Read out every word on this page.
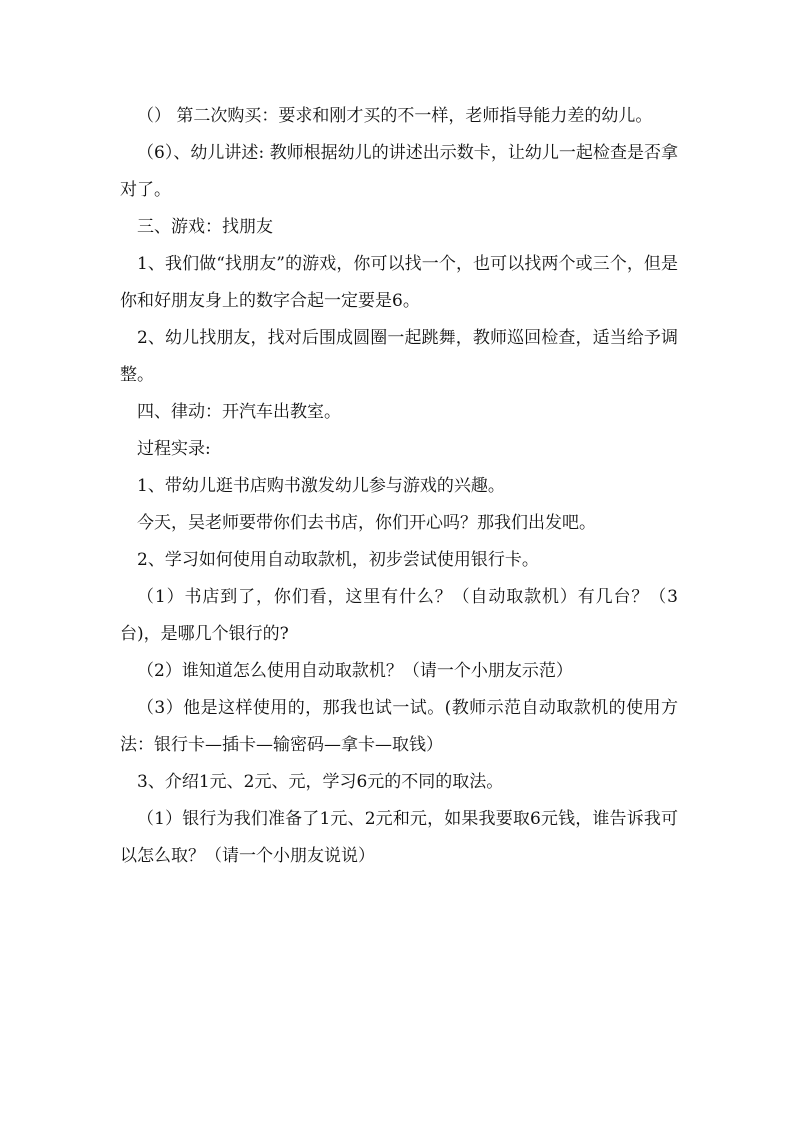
（） 第二次购买：要求和刚才买的不一样，老师指导能力差的幼儿。

（6）、幼儿讲述: 教师根据幼儿的讲述出示数卡，让幼儿一起检查是否拿对了。

三、游戏：找朋友

1、我们做“找朋友”的游戏，你可以找一个，也可以找两个或三个，但是你和好朋友身上的数字合起一定要是6。

2、幼儿找朋友，找对后围成圆圈一起跳舞，教师巡回检查，适当给予调整。

四、律动：开汽车出教室。

过程实录:

1、带幼儿逛书店购书激发幼儿参与游戏的兴趣。

今天，吴老师要带你们去书店，你们开心吗？那我们出发吧。

2、学习如何使用自动取款机，初步尝试使用银行卡。

（1）书店到了，你们看，这里有什么？（自动取款机）有几台？（3台)，是哪几个银行的?

（2）谁知道怎么使用自动取款机？（请一个小朋友示范）

（3）他是这样使用的，那我也试一试。(教师示范自动取款机的使用方法：银行卡—插卡—输密码—拿卡—取钱）

3、介绍1元、2元、元，学习6元的不同的取法。

（1）银行为我们准备了1元、2元和元，如果我要取6元钱，谁告诉我可以怎么取？（请一个小朋友说说）
